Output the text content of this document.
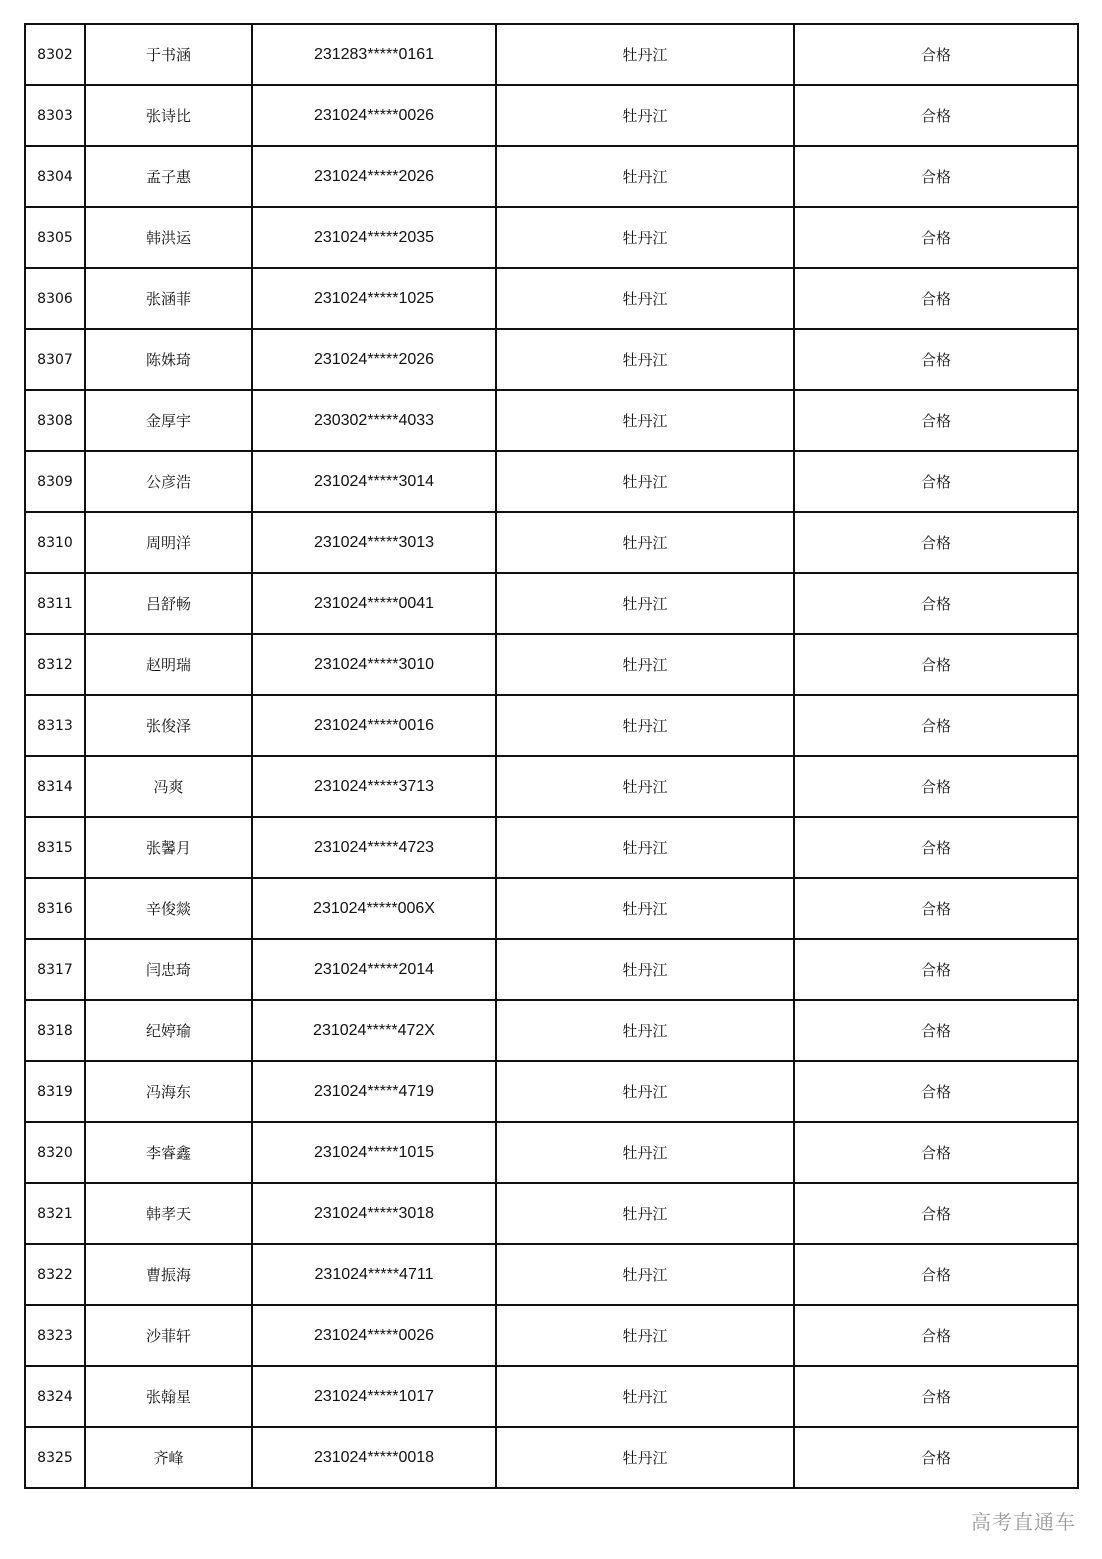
8302	于书涵	231283*****0161	牡丹江	合格
8303	张诗比	231024*****0026	牡丹江	合格
8304	孟子惠	231024*****2026	牡丹江	合格
8305	韩洪运	231024*****2035	牡丹江	合格
8306	张涵菲	231024*****1025	牡丹江	合格
8307	陈姝琦	231024*****2026	牡丹江	合格
8308	金厚宇	230302*****4033	牡丹江	合格
8309	公彦浩	231024*****3014	牡丹江	合格
8310	周明洋	231024*****3013	牡丹江	合格
8311	吕舒畅	231024*****0041	牡丹江	合格
8312	赵明瑞	231024*****3010	牡丹江	合格
8313	张俊泽	231024*****0016	牡丹江	合格
8314	冯爽	231024*****3713	牡丹江	合格
8315	张馨月	231024*****4723	牡丹江	合格
8316	辛俊燚	231024*****006X	牡丹江	合格
8317	闫忠琦	231024*****2014	牡丹江	合格
8318	纪婷瑜	231024*****472X	牡丹江	合格
8319	冯海东	231024*****4719	牡丹江	合格
8320	李睿鑫	231024*****1015	牡丹江	合格
8321	韩孝天	231024*****3018	牡丹江	合格
8322	曹振海	231024*****4711	牡丹江	合格
8323	沙菲轩	231024*****0026	牡丹江	合格
8324	张翰星	231024*****1017	牡丹江	合格
8325	齐峰	231024*****0018	牡丹江	合格
高考直通车
